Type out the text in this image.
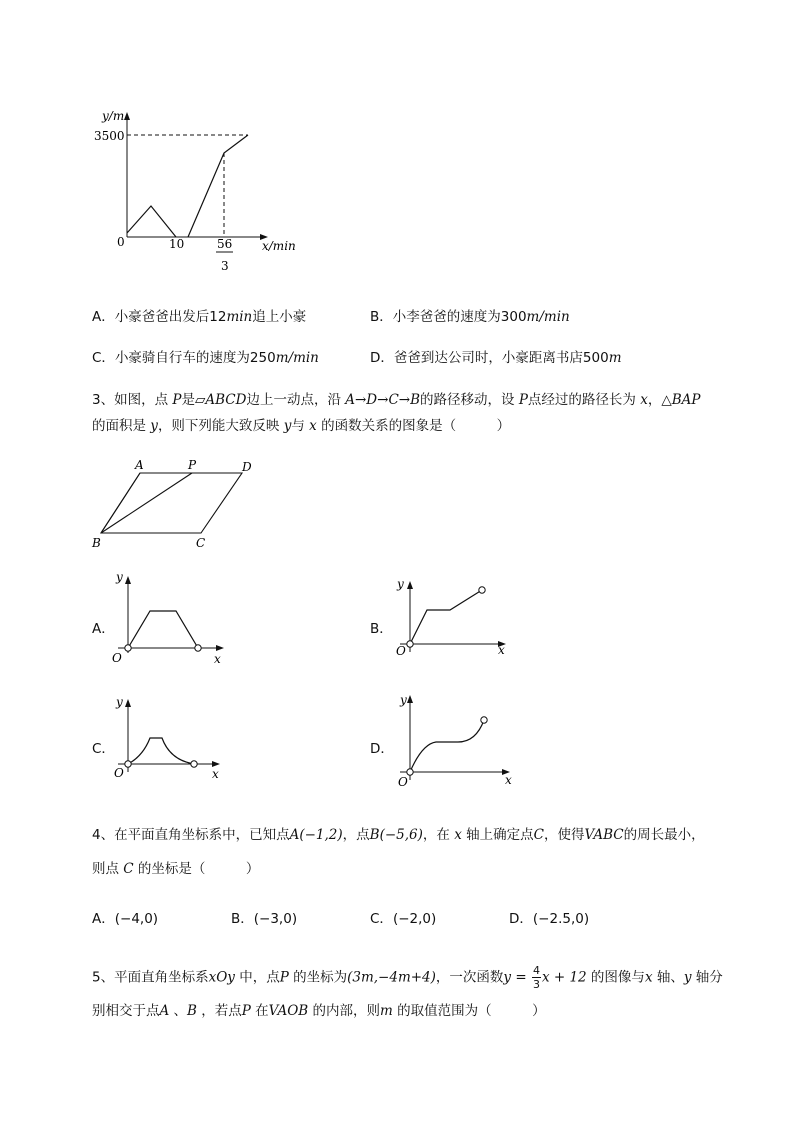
y/m
3500
0	10	56
3
x/min
A．小豪爸爸出发后12min追上小豪	B．小李爸爸的速度为300m/min
C．小豪骑自行车的速度为250m/min	D．爸爸到达公司时，小豪距离书店500m
3、如图，点 P是▱ABCD边上一动点，沿 A→D→C→B的路径移动，设 P点经过的路径长为 x，△BAP
的面积是 y，则下列能大致反映 y与 x 的函数关系的图象是（　　　）
A	P	D
B	C
A．
y
O	x
B．
y
O	x
C．
y
O	x
D．
y
O	x
4、在平面直角坐标系中，已知点A(−1,2)，点B(−5,6)，在 x 轴上确定点C，使得VABC的周长最小，
则点 C 的坐标是（　　　）
A．(−4,0)	B．(−3,0)	C．(−2,0)	D．(−2.5,0)
5、平面直角坐标系xOy 中，点P 的坐标为(3m,−4m+4)，一次函数$y = \frac{4}{3}$ x + 12 的图像与x 轴、y 轴分
别相交于点A 、B ，若点P 在VAOB 的内部，则m 的取值范围为（　　　）
